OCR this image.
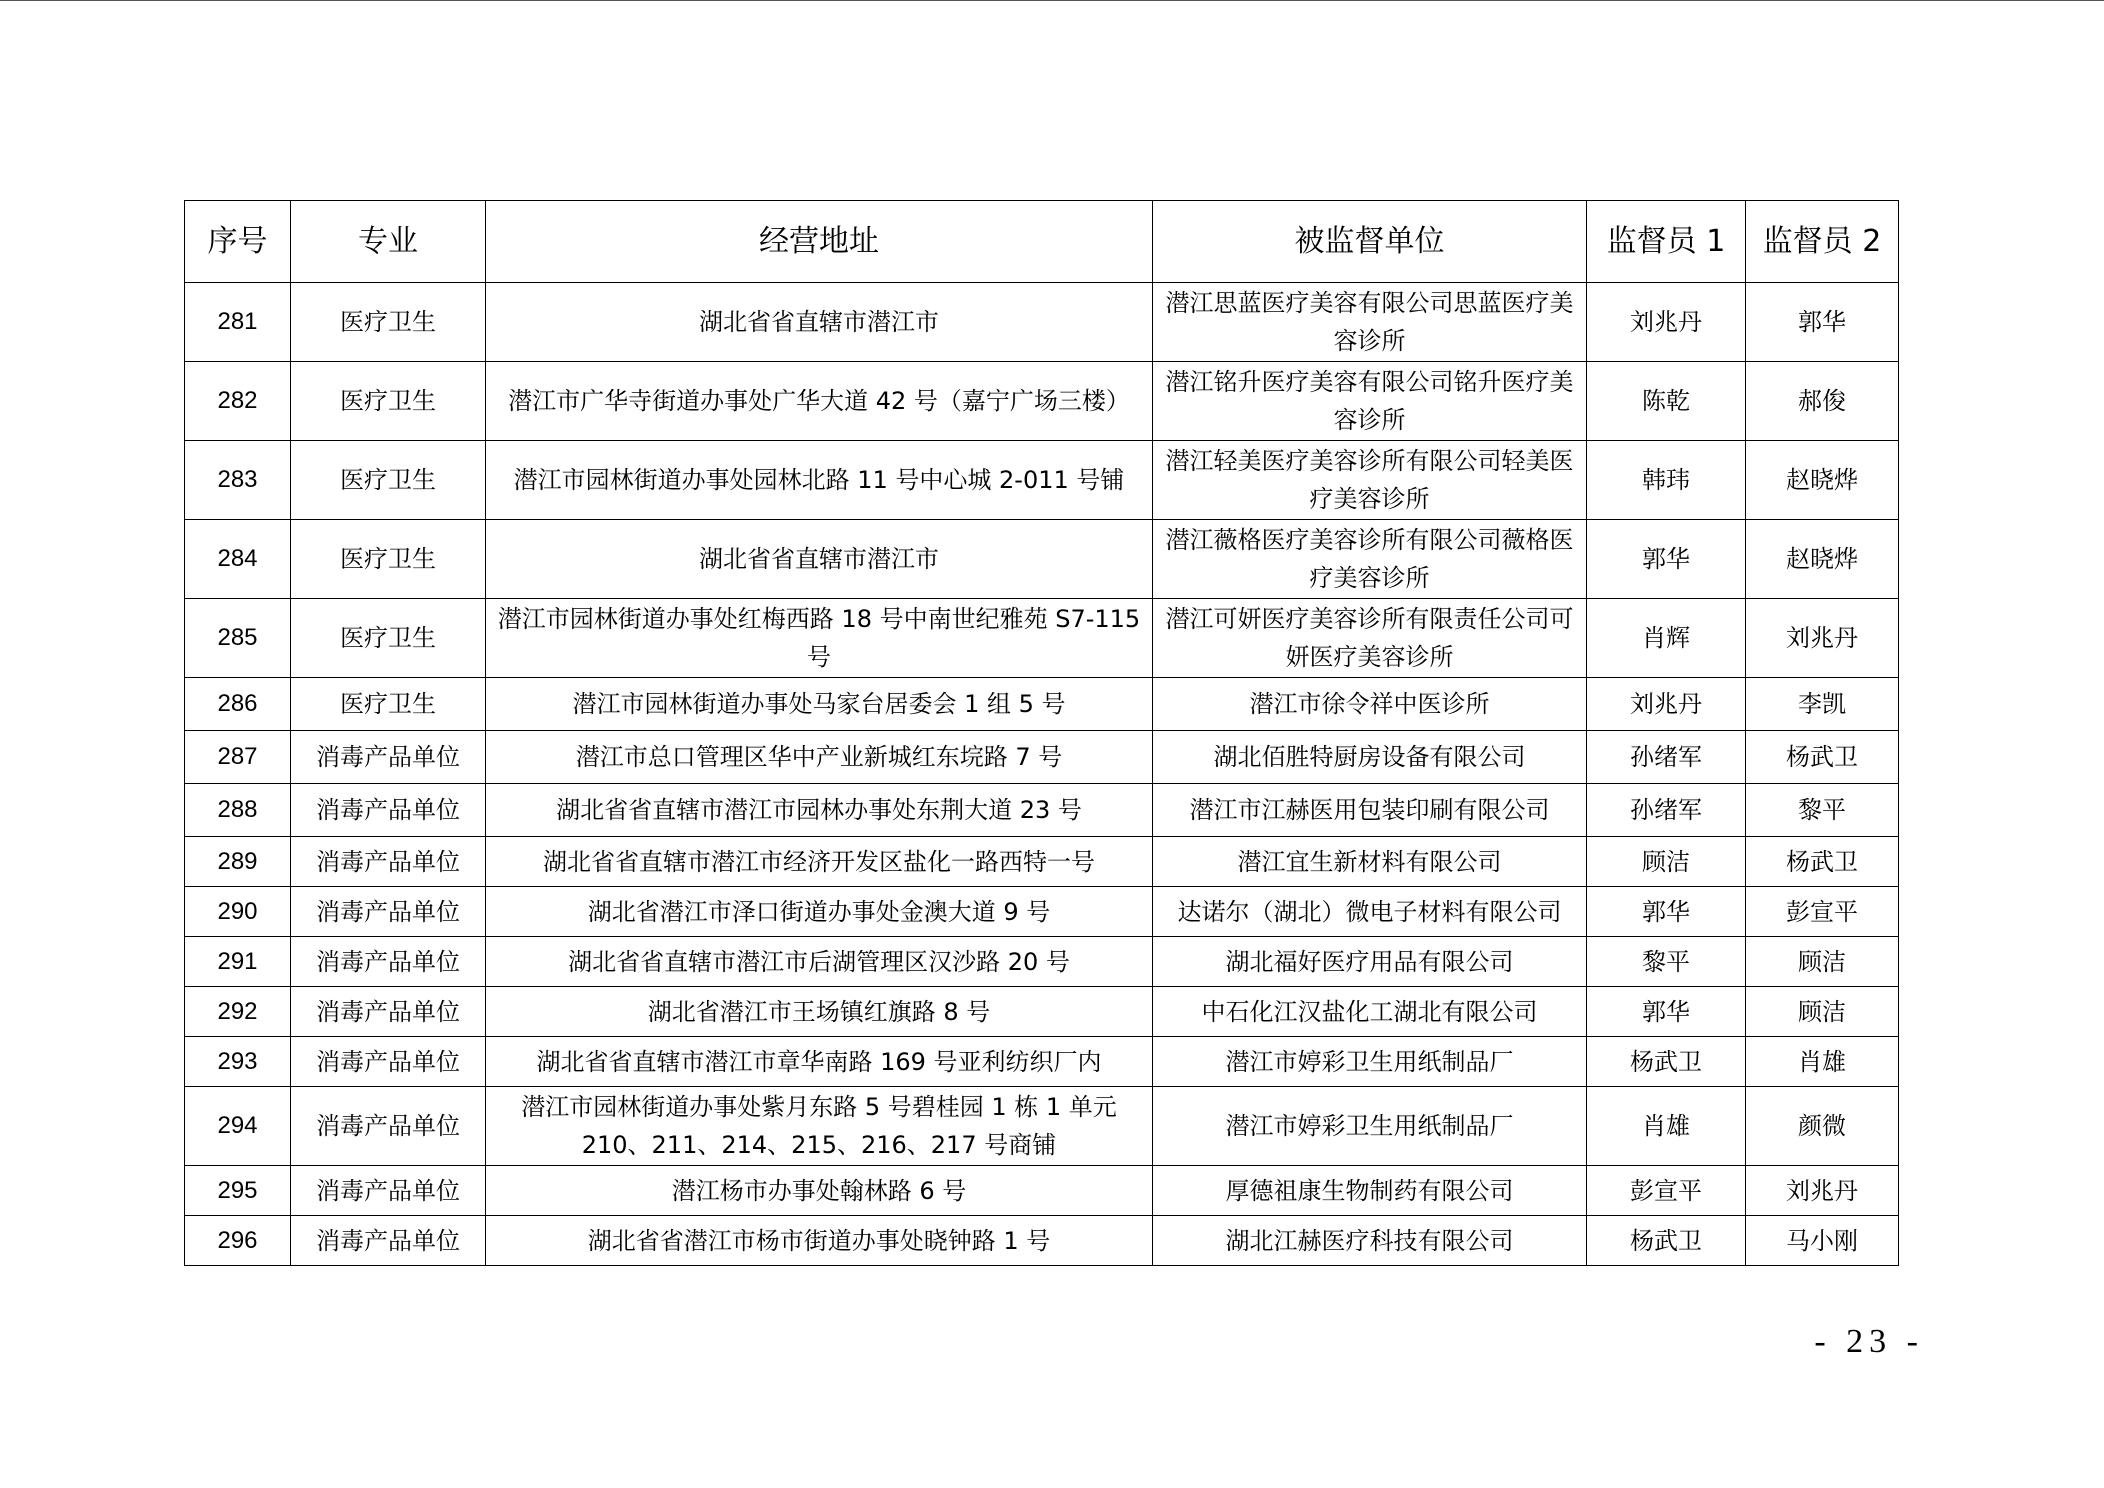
序号	专业	经营地址	被监督单位	监督员 1	监督员 2
281	医疗卫生	湖北省省直辖市潜江市	潜江思蓝医疗美容有限公司思蓝医疗美容诊所	刘兆丹	郭华
282	医疗卫生	潜江市广华寺街道办事处广华大道 42 号（嘉宁广场三楼）	潜江铭升医疗美容有限公司铭升医疗美容诊所	陈乾	郝俊
283	医疗卫生	潜江市园林街道办事处园林北路 11 号中心城 2-011 号铺	潜江轻美医疗美容诊所有限公司轻美医疗美容诊所	韩玮	赵晓烨
284	医疗卫生	湖北省省直辖市潜江市	潜江薇格医疗美容诊所有限公司薇格医疗美容诊所	郭华	赵晓烨
285	医疗卫生	潜江市园林街道办事处红梅西路 18 号中南世纪雅苑 S7-115 号	潜江可妍医疗美容诊所有限责任公司可妍医疗美容诊所	肖辉	刘兆丹
286	医疗卫生	潜江市园林街道办事处马家台居委会 1 组 5 号	潜江市徐令祥中医诊所	刘兆丹	李凯
287	消毒产品单位	潜江市总口管理区华中产业新城红东垸路 7 号	湖北佰胜特厨房设备有限公司	孙绪军	杨武卫
288	消毒产品单位	湖北省省直辖市潜江市园林办事处东荆大道 23 号	潜江市江赫医用包装印刷有限公司	孙绪军	黎平
289	消毒产品单位	湖北省省直辖市潜江市经济开发区盐化一路西特一号	潜江宜生新材料有限公司	顾洁	杨武卫
290	消毒产品单位	湖北省潜江市泽口街道办事处金澳大道 9 号	达诺尔（湖北）微电子材料有限公司	郭华	彭宣平
291	消毒产品单位	湖北省省直辖市潜江市后湖管理区汉沙路 20 号	湖北福好医疗用品有限公司	黎平	顾洁
292	消毒产品单位	湖北省潜江市王场镇红旗路 8 号	中石化江汉盐化工湖北有限公司	郭华	顾洁
293	消毒产品单位	湖北省省直辖市潜江市章华南路 169 号亚利纺织厂内	潜江市婷彩卫生用纸制品厂	杨武卫	肖雄
294	消毒产品单位	潜江市园林街道办事处紫月东路 5 号碧桂园 1 栋 1 单元 210、211、214、215、216、217 号商铺	潜江市婷彩卫生用纸制品厂	肖雄	颜微
295	消毒产品单位	潜江杨市办事处翰林路 6 号	厚德祖康生物制药有限公司	彭宣平	刘兆丹
296	消毒产品单位	湖北省省潜江市杨市街道办事处晓钟路 1 号	湖北江赫医疗科技有限公司	杨武卫	马小刚
- 23 -
